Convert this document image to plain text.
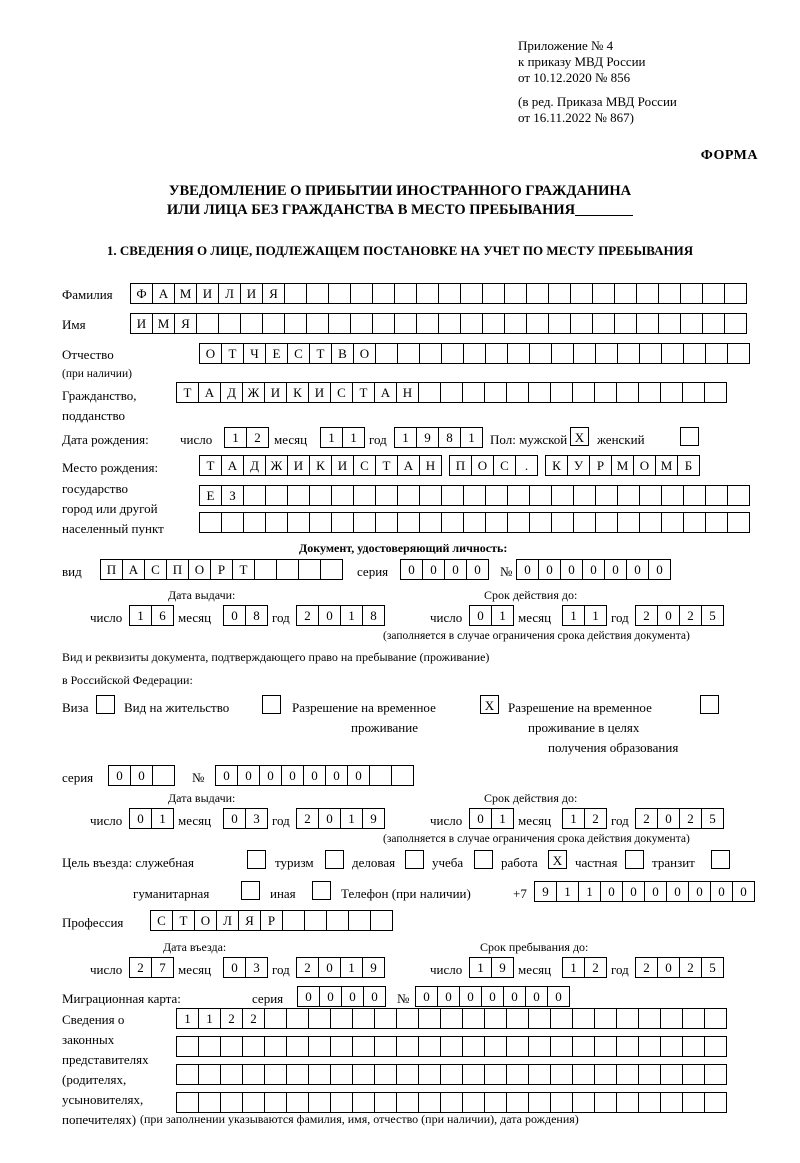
Приложение № 4
к приказу МВД России
от 10.12.2020 № 856
(в ред. Приказа МВД России
от 16.11.2022 № 867)
ФОРМА
УВЕДОМЛЕНИЕ О ПРИБЫТИИ ИНОСТРАННОГО ГРАЖДАНИНА
ИЛИ ЛИЦА БЕЗ ГРАЖДАНСТВА В МЕСТО ПРЕБЫВАНИЯ
1. СВЕДЕНИЯ О ЛИЦЕ, ПОДЛЕЖАЩЕМ ПОСТАНОВКЕ НА УЧЕТ ПО МЕСТУ ПРЕБЫВАНИЯ
Фамилия	Ф А М И Л И Я
Имя	И М Я
Отчество
(при наличии)
О	Т	Ч	Е	С	Т	В О
Гражданство,
подданство
Т	А Д Ж И К И С	Т	А Н
Дата рождения: число	1	2	месяц	1	1 год	1	9	8	1	Пол: мужской X женский
Место рождения:
государство
город или другой
населенный пункт
Т	А Д Ж И К И С	Т	А Н	П О С	.	К	У	Р М О М Б
Е	З
Документ, удостоверяющий личность:
вид	П А С П О	Р	Т	серия	0	0	0	0	№ 0	0	0	0	0	0	0
Дата выдачи:	Срок действия до:
число	1	6 месяц	0	8 год	2	0	1	8	число	0	1 месяц	1	1 год	2	0	2	5
(заполняется в случае ограничения срока действия документа)
Вид и реквизиты документа, подтверждающего право на пребывание (проживание)
в Российской Федерации:
Виза	Вид на жительство	Разрешение на временное
проживание
X	Разрешение на временное
проживание в целях
получения образования
серия	0	0	№	0	0	0	0	0	0	0
Дата выдачи:	Срок действия до:
число	0	1 месяц	0	3 год	2	0	1	9	число	0	1 месяц	1	2 год	2	0	2	5
(заполняется в случае ограничения срока действия документа)
Цель въезда: служебная	туризм	деловая	учеба	работа	X частная	транзит
гуманитарная	иная	Телефон (при наличии)	+7	9	1	1	0	0	0	0	0	0	0
Профессия	С	Т	О Л	Я	Р
Дата въезда:	Срок пребывания до:
число	2	7 месяц	0	3 год	2	0	1	9	число	1	9 месяц	1	2 год	2	0	2	5
Миграционная карта:	серия	0	0	0	0	№	0	0	0	0	0	0	0
Сведения о
законных
представителях
(родителях,
усыновителях,
попечителях)
1	1	2	2
(при заполнении указываются фамилия, имя, отчество (при наличии), дата рождения)
